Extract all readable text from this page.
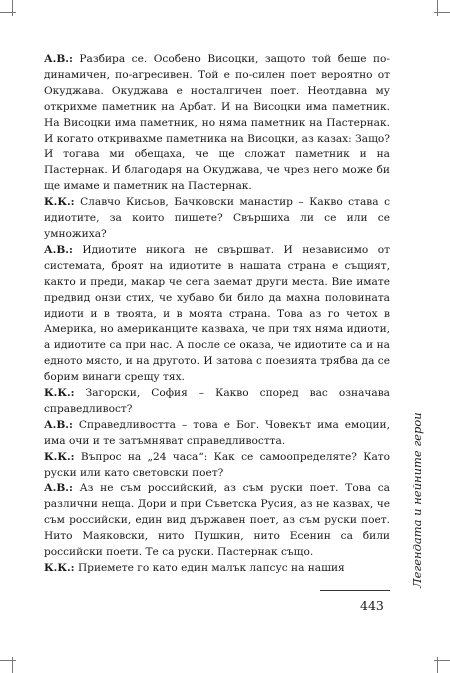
А.В.: Разбира се. Особено Висоцки, защото той беше по-динамичен, по-агресивен. Той е по-силен поет вероятно от Окуджава. Окуджава е носталгичен поет. Неотдавна му открихме паметник на Арбат. И на Висоцки има паметник. На Висоцки има паметник, но няма паметник на Пастернак. И когато откривахме паметника на Висоцки, аз казах: Защо? И тогава ми обещаха, че ще сложат паметник и на Пастернак. И благодаря на Окуджава, че чрез него може би ще имаме и паметник на Пастернак.

К.К.: Славчо Кисьов, Бачковски манастир – Какво става с идиотите, за които пишете? Свършиха ли се или се умножиха?

А.В.: Идиотите никога не свършват. И независимо от системата, броят на идиотите в нашата страна е същият, както и преди, макар че сега заемат други места. Вие имате предвид онзи стих, че хубаво би било да махна половината идиоти и в твоята, и в моята страна. Това аз го четох в Америка, но американците казваха, че при тях няма идиоти, а идиотите са при нас. А после се оказа, че идиотите са и на едното място, и на другото. И затова с поезията трябва да се борим винаги срещу тях.

К.К.: Загорски, София – Какво според вас означава справедливост?

А.В.: Справедливостта – това е Бог. Човекът има емоции, има очи и те затъмняват справедливостта.

К.К.: Въпрос на „24 часа“: Как се самоопределяте? Като руски или като световски поет?

А.В.: Аз не съм российский, аз съм руски поет. Това са различни неща. Дори и при Съветска Русия, аз не казвах, че съм российски, един вид държавен поет, аз съм руски поет. Нито Маяковски, нито Пушкин, нито Есенин са били российски поети. Те са руски. Пастернак също.

К.К.: Приемете го като един малък лапсус на нашия	Легендата и нейните герои
443
